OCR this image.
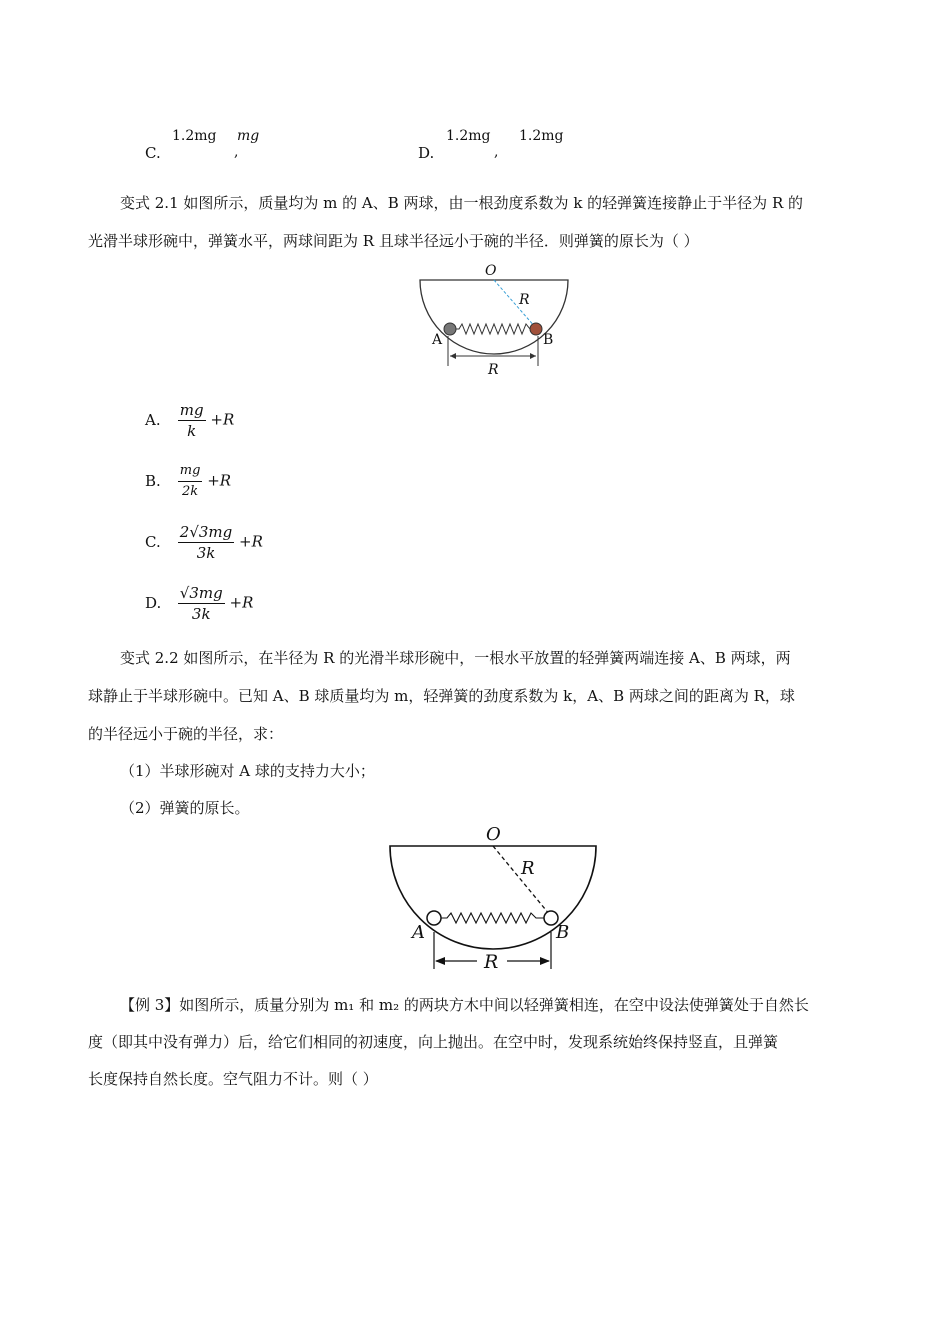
C.
1.2mg
,
mg
D.
1.2mg
,
1.2mg
变式 2.1 如图所示，质量均为 m 的 A、B 两球，由一根劲度系数为 k 的轻弹簧连接静止于半径为 R 的
光滑半球形碗中，弹簧水平，两球间距为 R 且球半径远小于碗的半径．则弹簧的原长为（ ）
O
R
A	B
R
A. $\frac{mg}{k} +R$
B. $\frac{mg}{2k} +R$
C. $\frac{2√3mg}{3k} +R$
D. $\frac{√3mg}{3k} +R$
变式 2.2 如图所示，在半径为 R 的光滑半球形碗中，一根水平放置的轻弹簧两端连接 A、B 两球，两
球静止于半球形碗中。已知 A、B 球质量均为 m，轻弹簧的劲度系数为 k，A、B 两球之间的距离为 R，球
的半径远小于碗的半径，求：
（1）半球形碗对 A 球的支持力大小；
（2）弹簧的原长。
O
R
A	B
R
【例 3】如图所示，质量分别为 m₁ 和 m₂ 的两块方木中间以轻弹簧相连，在空中设法使弹簧处于自然长
度（即其中没有弹力）后，给它们相同的初速度，向上抛出。在空中时，发现系统始终保持竖直，且弹簧
长度保持自然长度。空气阻力不计。则（ ）
